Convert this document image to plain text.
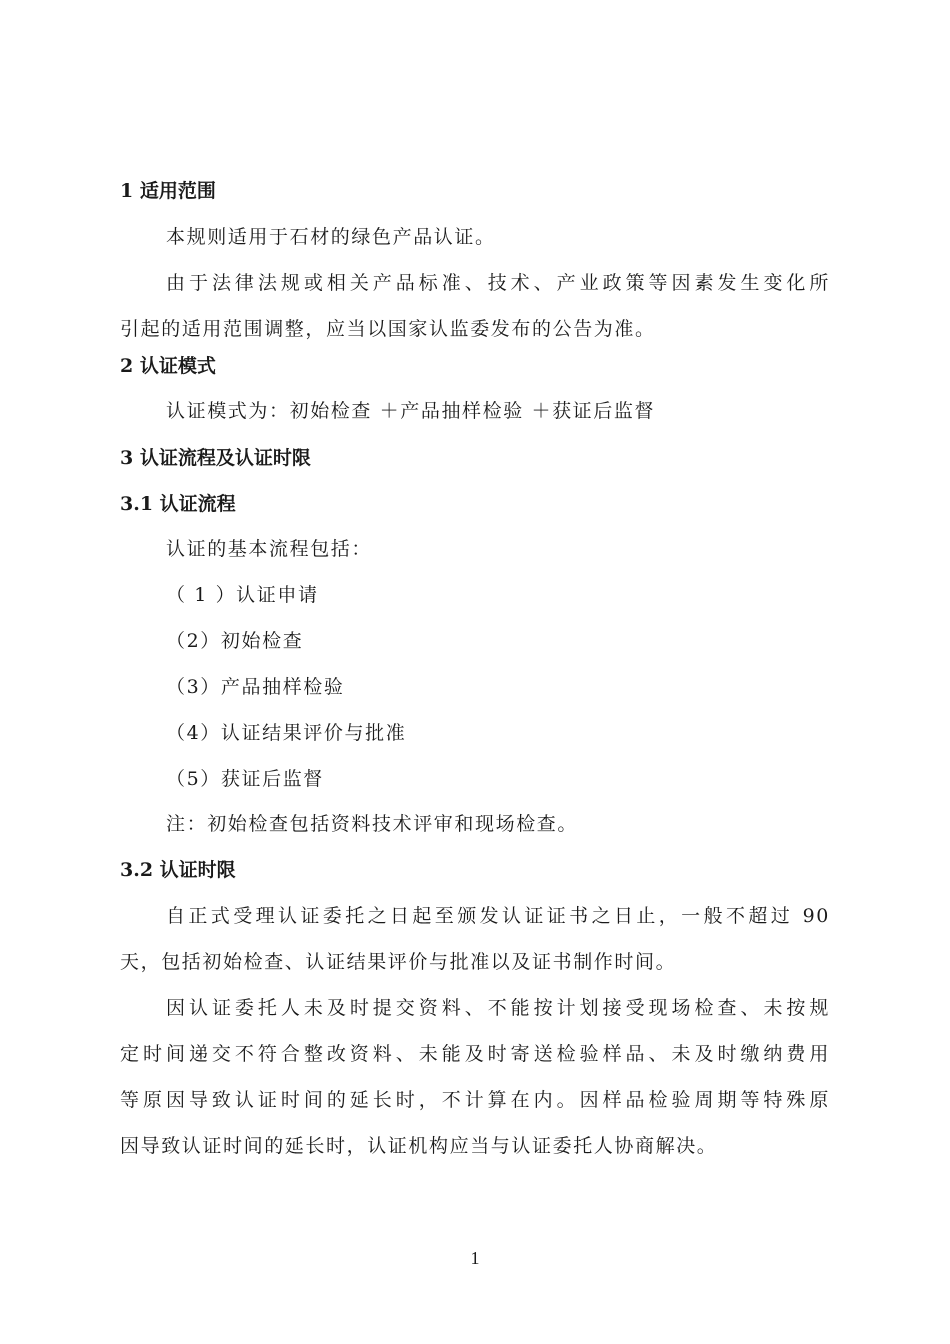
1 适用范围
本规则适用于石材的绿色产品认证。
由于法律法规或相关产品标准、技术、产业政策等因素发生变化所
引起的适用范围调整，应当以国家认监委发布的公告为准。
2 认证模式
认证模式为：初始检查 ＋产品抽样检验 ＋获证后监督
3 认证流程及认证时限
3.1 认证流程
认证的基本流程包括：
（ 1 ）认证申请
（2）初始检查
（3）产品抽样检验
（4）认证结果评价与批准
（5）获证后监督
注：初始检查包括资料技术评审和现场检查。
3.2 认证时限
自正式受理认证委托之日起至颁发认证证书之日止，一般不超过 90
天，包括初始检查、认证结果评价与批准以及证书制作时间。
因认证委托人未及时提交资料、不能按计划接受现场检查、未按规
定时间递交不符合整改资料、未能及时寄送检验样品、未及时缴纳费用
等原因导致认证时间的延长时，不计算在内。因样品检验周期等特殊原
因导致认证时间的延长时，认证机构应当与认证委托人协商解决。
1
